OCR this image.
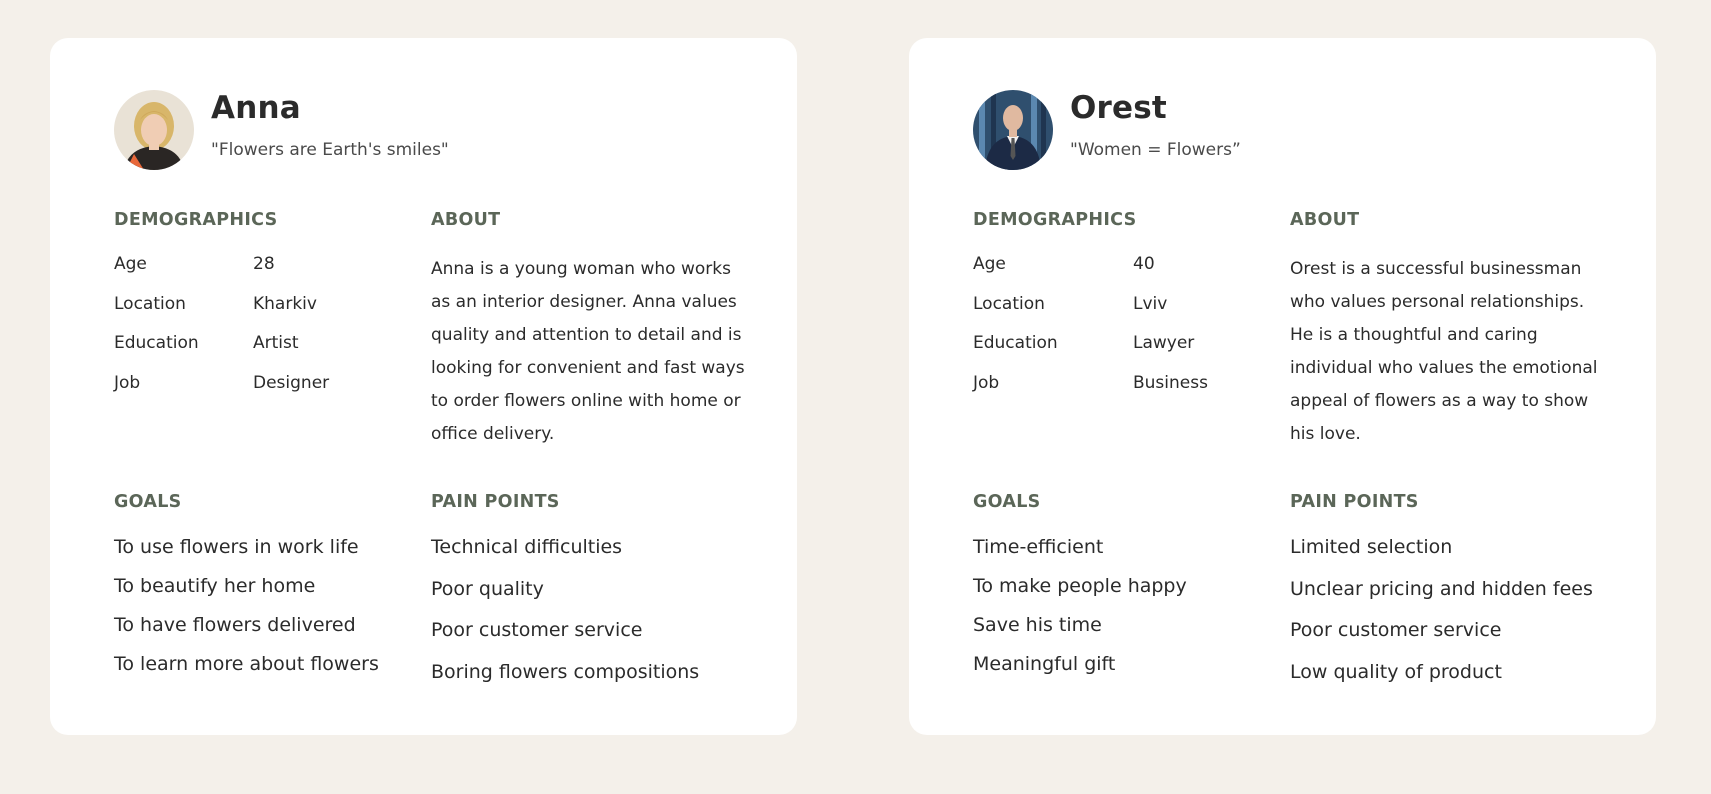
Anna
"Flowers are Earth's smiles"
DEMOGRAPHICS
Age	28
Location	Kharkiv
Education	Artist
Job	Designer
ABOUT

Anna is a young woman who works as an interior designer. Anna values quality and attention to detail and is looking for convenient and fast ways to order flowers online with home or office delivery.

GOALS
To use flowers in work life
To beautify her home
To have flowers delivered
To learn more about flowers
PAIN POINTS
Technical difficulties
Poor quality
Poor customer service
Boring flowers compositions
Orest
"Women = Flowers”
DEMOGRAPHICS
Age	40
Location	Lviv
Education	Lawyer
Job	Business
ABOUT

Orest is a successful businessman who values personal relationships. He is a thoughtful and caring individual who values the emotional appeal of flowers as a way to show his love.

GOALS
Time-efficient
To make people happy
Save his time
Meaningful gift
PAIN POINTS
Limited selection
Unclear pricing and hidden fees
Poor customer service
Low quality of product
